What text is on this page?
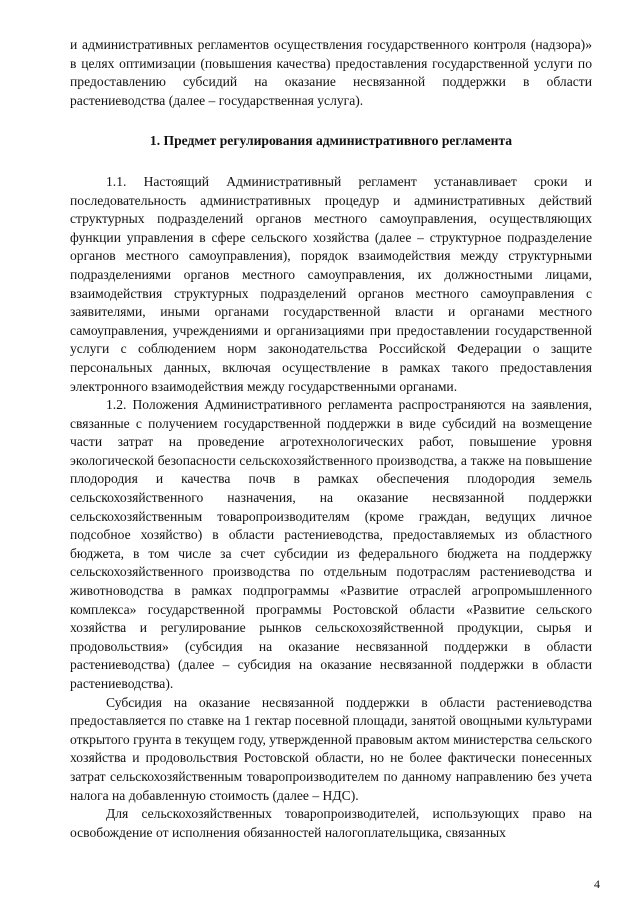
и административных регламентов осуществления государственного контроля (надзора)» в целях оптимизации (повышения качества) предоставления государственной услуги по предоставлению субсидий на оказание несвязанной поддержки в области растениеводства (далее – государственная услуга).

1. Предмет регулирования административного регламента

1.1. Настоящий Административный регламент устанавливает сроки и последовательность административных процедур и административных действий структурных подразделений органов местного самоуправления, осуществляющих функции управления в сфере сельского хозяйства (далее – структурное подразделение органов местного самоуправления), порядок взаимодействия между структурными подразделениями органов местного самоуправления, их должностными лицами, взаимодействия структурных подразделений органов местного самоуправления с заявителями, иными органами государственной власти и органами местного самоуправления, учреждениями и организациями при предоставлении государственной услуги с соблюдением норм законодательства Российской Федерации о защите персональных данных, включая осуществление в рамках такого предоставления электронного взаимодействия между государственными органами.

1.2. Положения Административного регламента распространяются на заявления, связанные с получением государственной поддержки в виде субсидий на возмещение части затрат на проведение агротехнологических работ, повышение уровня экологической безопасности сельскохозяйственного производства, а также на повышение плодородия и качества почв в рамках обеспечения плодородия земель сельскохозяйственного назначения, на оказание несвязанной поддержки сельскохозяйственным товаропроизводителям (кроме граждан, ведущих личное подсобное хозяйство) в области растениеводства, предоставляемых из областного бюджета, в том числе за счет субсидии из федерального бюджета на поддержку сельскохозяйственного производства по отдельным подотраслям растениеводства и животноводства в рамках подпрограммы «Развитие отраслей агропромышленного комплекса» государственной программы Ростовской области «Развитие сельского хозяйства и регулирование рынков сельскохозяйственной продукции, сырья и продовольствия» (субсидия на оказание несвязанной поддержки в области растениеводства) (далее – субсидия на оказание несвязанной поддержки в области растениеводства).

Субсидия на оказание несвязанной поддержки в области растениеводства предоставляется по ставке на 1 гектар посевной площади, занятой овощными культурами открытого грунта в текущем году, утвержденной правовым актом министерства сельского хозяйства и продовольствия Ростовской области, но не более фактически понесенных затрат сельскохозяйственным товаропроизводителем по данному направлению без учета налога на добавленную стоимость (далее – НДС).

Для сельскохозяйственных товаропроизводителей, использующих право на освобождение от исполнения обязанностей налогоплательщика, связанных

4
